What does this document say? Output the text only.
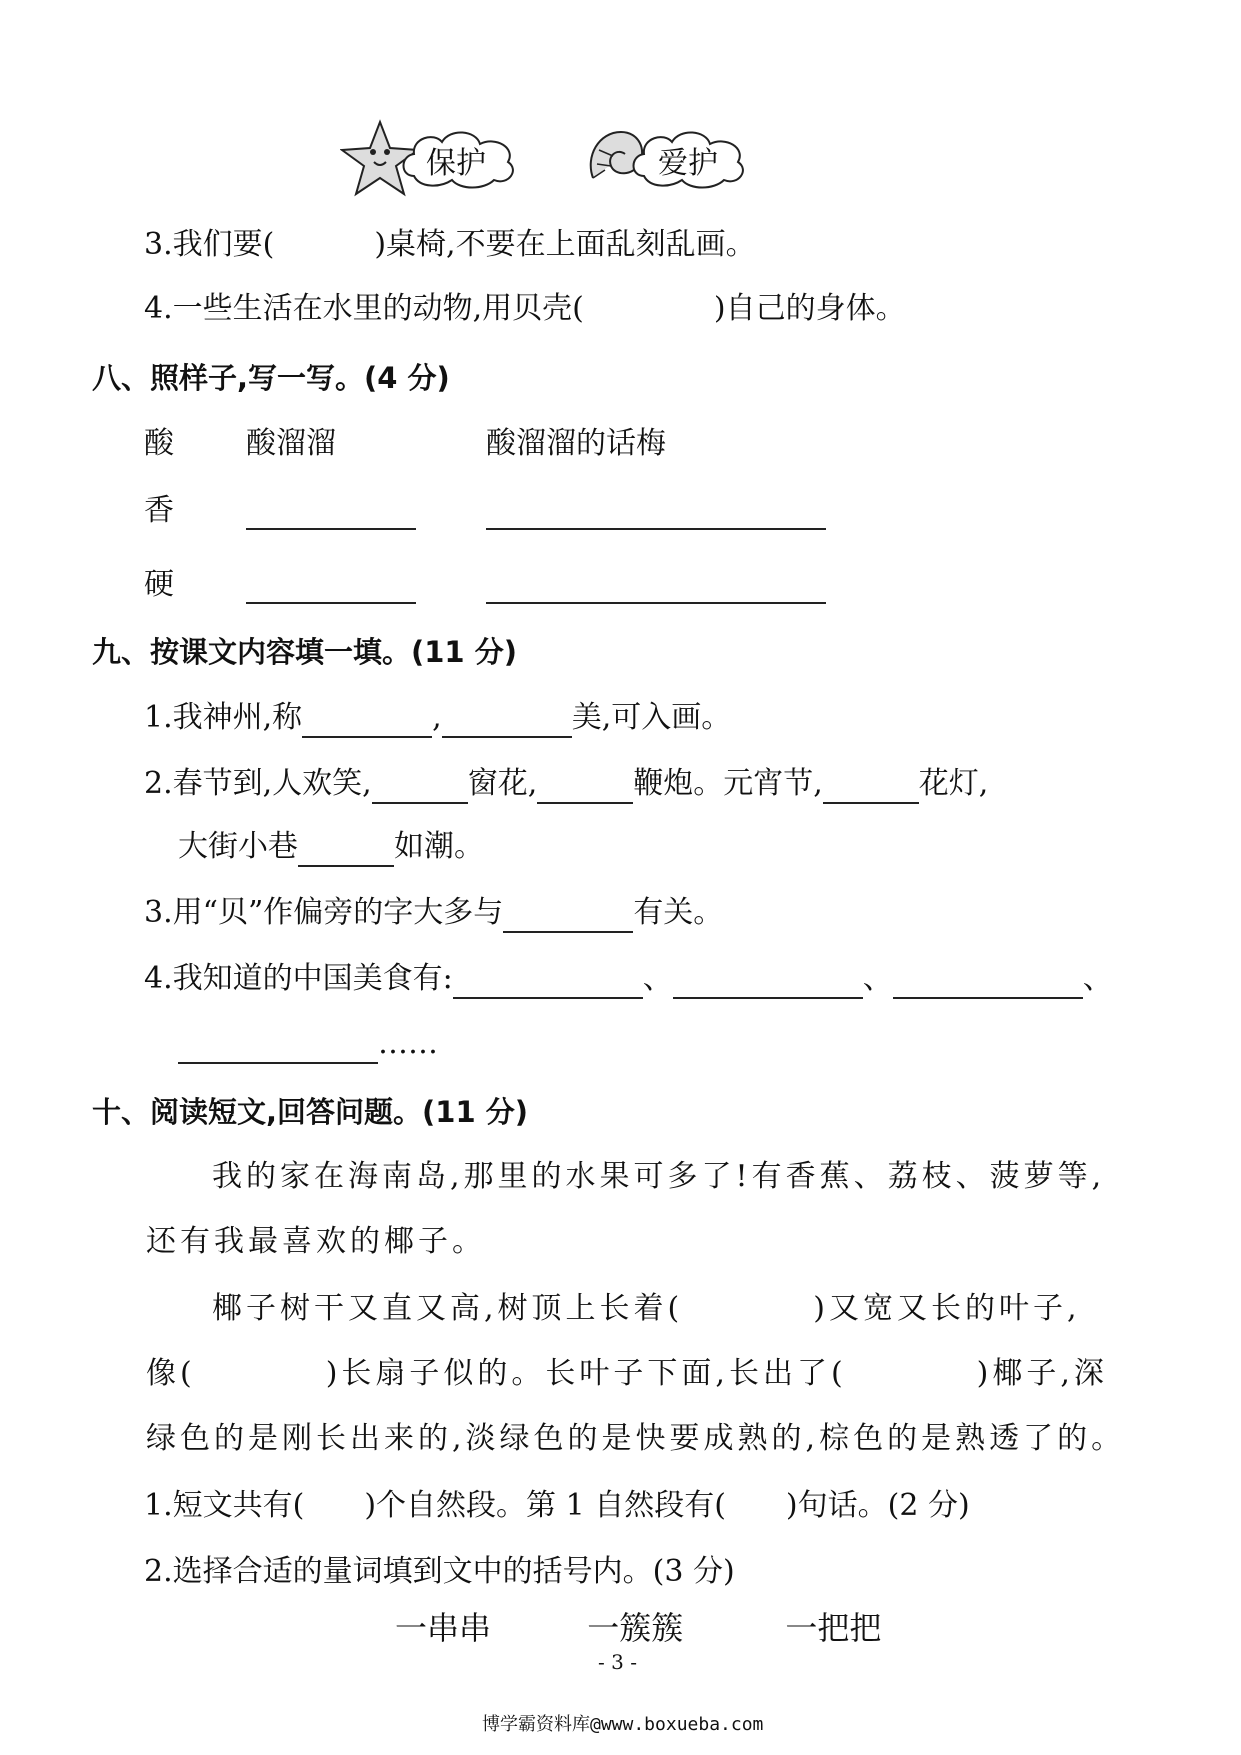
保护	爱护
3.我们要(	)桌椅,不要在上面乱刻乱画。
4.一些生活在水里的动物,用贝壳(	)自己的身体。
八、照样子,写一写。(4 分)
酸 酸溜溜	酸溜溜的话梅
香
硬
九、按课文内容填一填。(11 分)
1.我神州,称	,	美,可入画。
2.春节到,人欢笑,	窗花,	鞭炮。元宵节,	花灯,
大街小巷	如潮。
3.用“贝”作偏旁的字大多与	有关。
4.我知道的中国美食有:	、	、	、
……
十、阅读短文,回答问题。(11 分)
我的家在海南岛,那里的水果可多了!有香蕉、荔枝、菠萝等,
还有我最喜欢的椰子。
椰子树干又直又高,树顶上长着(	)又宽又长的叶子,
像(	)长扇子似的。长叶子下面,长出了(	)椰子,深
绿色的是刚长出来的,淡绿色的是快要成熟的,棕色的是熟透了的。
1.短文共有( )个自然段。第 1 自然段有( )句话。(2 分)
2.选择合适的量词填到文中的括号内。(3 分)
一串串	一簇簇	一把把
- 3 -
博学霸资料库@www.boxueba.com
